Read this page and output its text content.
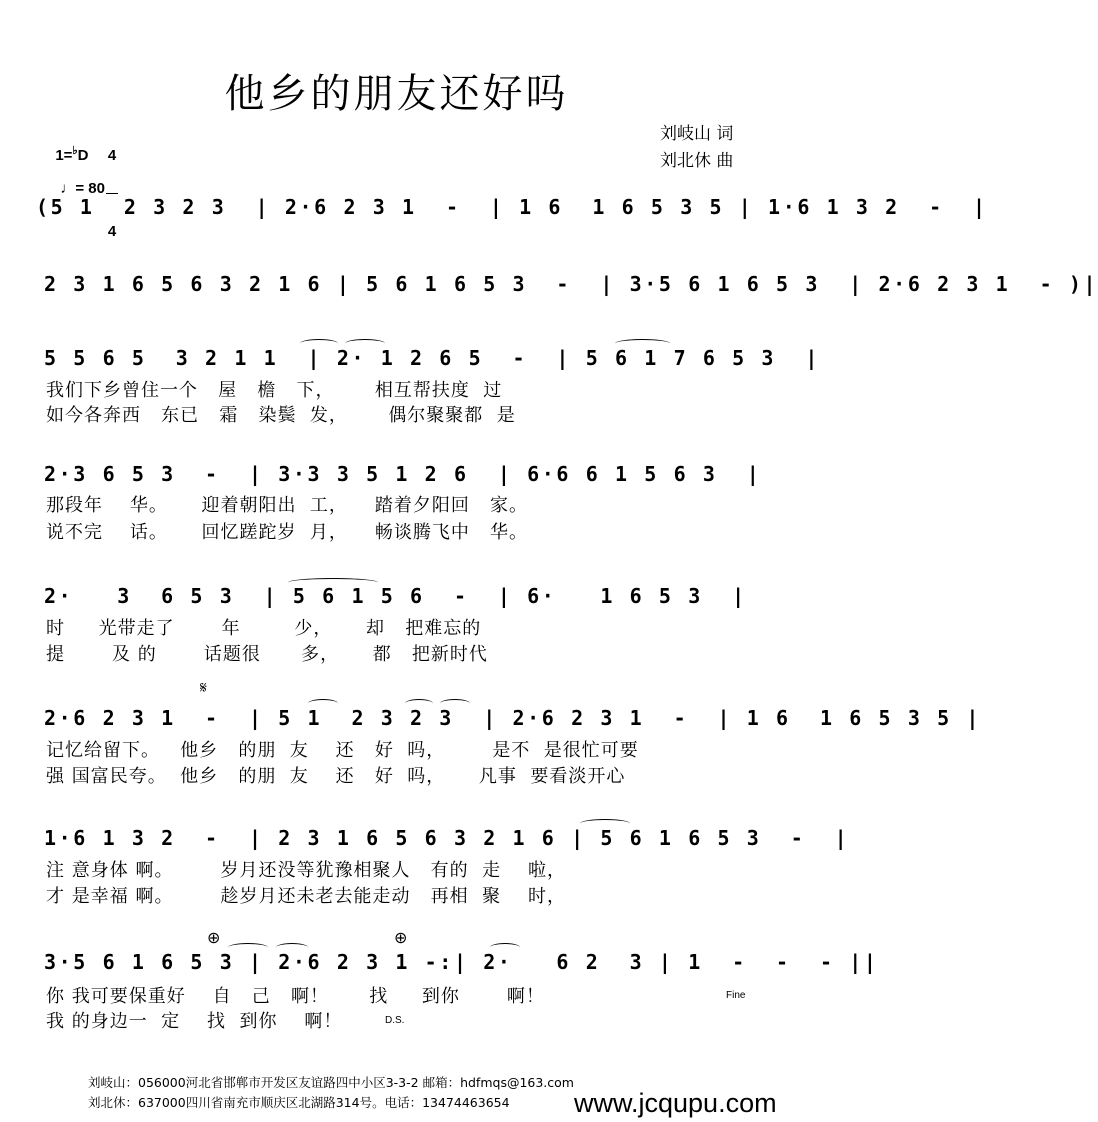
他乡的朋友还好吗

1=♭D

4

4

♩= 80

刘岐山 词
刘北休 曲
(5 1  2 3 2 3  | 2·6 2 3 1  -  | 1 6  1 6 5 3 5 | 1·6 1 3 2  -  |
2 3 1 6 5 6 3 2 1 6 | 5 6 1 6 5 3  -  | 3·5 6 1 6 5 3  | 2·6 2 3 1  - )|
5 5 6 5  3 2 1 1  | 2· 1 2 6 5  -  | 5 6 1 7 6 5 3  |
我们下乡曾住一个   屋   檐   下，      相互帮扶度  过
如今各奔西   东已   霜   染鬓  发，      偶尔聚聚都  是
2·3 6 5 3  -  | 3·3 3 5 1 2 6  | 6·6 6 1 5 6 3  |
那段年    华。     迎着朝阳出  工，    踏着夕阳回   家。
说不完    话。     回忆蹉跎岁  月，    畅谈腾飞中   华。
2·   3  6 5 3  | 5 6 1 5 6  -  | 6·   1 6 5 3  |
时     光带走了       年        少，     却   把难忘的
提       及 的       话题很      多，     都   把新时代
𝄋
2·6 2 3 1  -  | 5 1  2 3 2 3  | 2·6 2 3 1  -  | 1 6  1 6 5 3 5 |
记忆给留下。   他乡   的朋  友    还   好  吗，       是不  是很忙可要
强 国富民夸。  他乡   的朋  友    还   好  吗，     凡事  要看淡开心
1·6 1 3 2  -  | 2 3 1 6 5 6 3 2 1 6 | 5 6 1 6 5 3  -  |
注 意身体 啊。       岁月还没等犹豫相聚人   有的  走    啦，
才 是幸福 啊。       趁岁月还未老去能走动   再相  聚    时，
⊕	⊕
3·5 6 1 6 5 3 | 2·6 2 3 1 -:| 2·   6 2  3 | 1  -  -  - ||
你 我可要保重好    自   己   啊！      找     到你       啊！
我 的身边一  定    找  到你    啊！
Fine
D.S.
刘岐山：056000河北省邯郸市开发区友谊路四中小区3-3-2 邮箱：hdfmqs@163.com
刘北休：637000四川省南充市顺庆区北湖路314号。电话：13474463654 www.jcqupu.com
